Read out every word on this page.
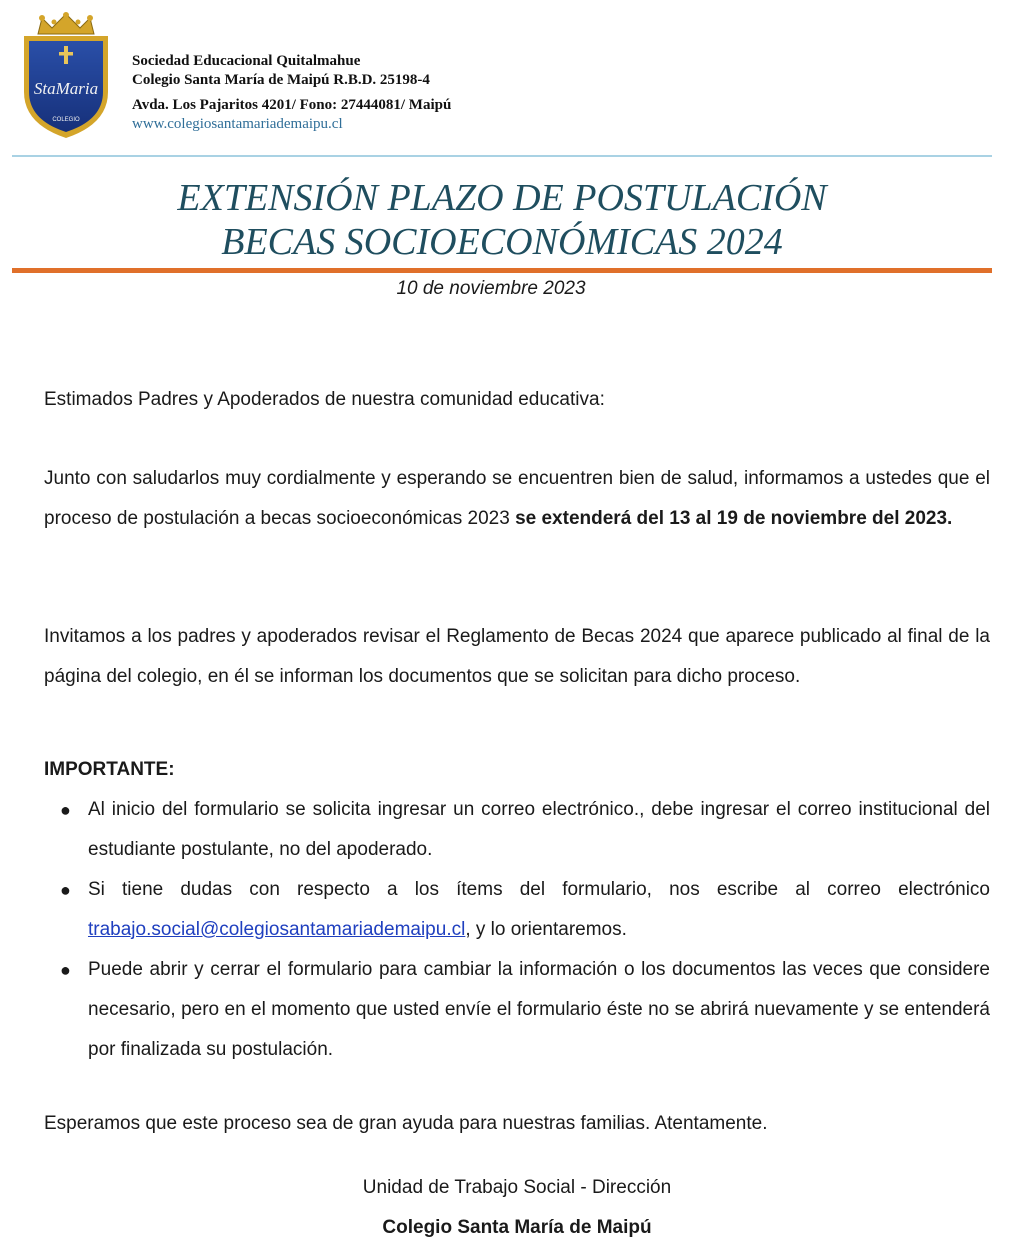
StaMaria
COLEGIO
Sociedad Educacional Quitalmahue
Colegio Santa María de Maipú R.B.D. 25198-4
Avda. Los Pajaritos 4201/ Fono: 27444081/ Maipú
www.colegiosantamariademaipu.cl
EXTENSIÓN PLAZO DE POSTULACIÓN
BECAS SOCIOECONÓMICAS 2024
10 de noviembre 2023
Estimados Padres y Apoderados de nuestra comunidad educativa:
Junto con saludarlos muy cordialmente y esperando se encuentren bien de salud, informamos a ustedes que el proceso de postulación a becas socioeconómicas 2023 se extenderá del 13 al 19 de noviembre del 2023.
Invitamos a los padres y apoderados revisar el Reglamento de Becas 2024 que aparece publicado al final de la página del colegio, en él se informan los documentos que se solicitan para dicho proceso.
IMPORTANTE:
● Al inicio del formulario se solicita ingresar un correo electrónico., debe ingresar el correo institucional del estudiante postulante, no del apoderado.
● Si tiene dudas con respecto a los ítems del formulario, nos escribe al correo electrónico trabajo.social@colegiosantamariademaipu.cl, y lo orientaremos.
● Puede abrir y cerrar el formulario para cambiar la información o los documentos las veces que considere necesario, pero en el momento que usted envíe el formulario éste no se abrirá nuevamente y se entenderá por finalizada su postulación.
Esperamos que este proceso sea de gran ayuda para nuestras familias. Atentamente.
Unidad de Trabajo Social - Dirección
Colegio Santa María de Maipú
